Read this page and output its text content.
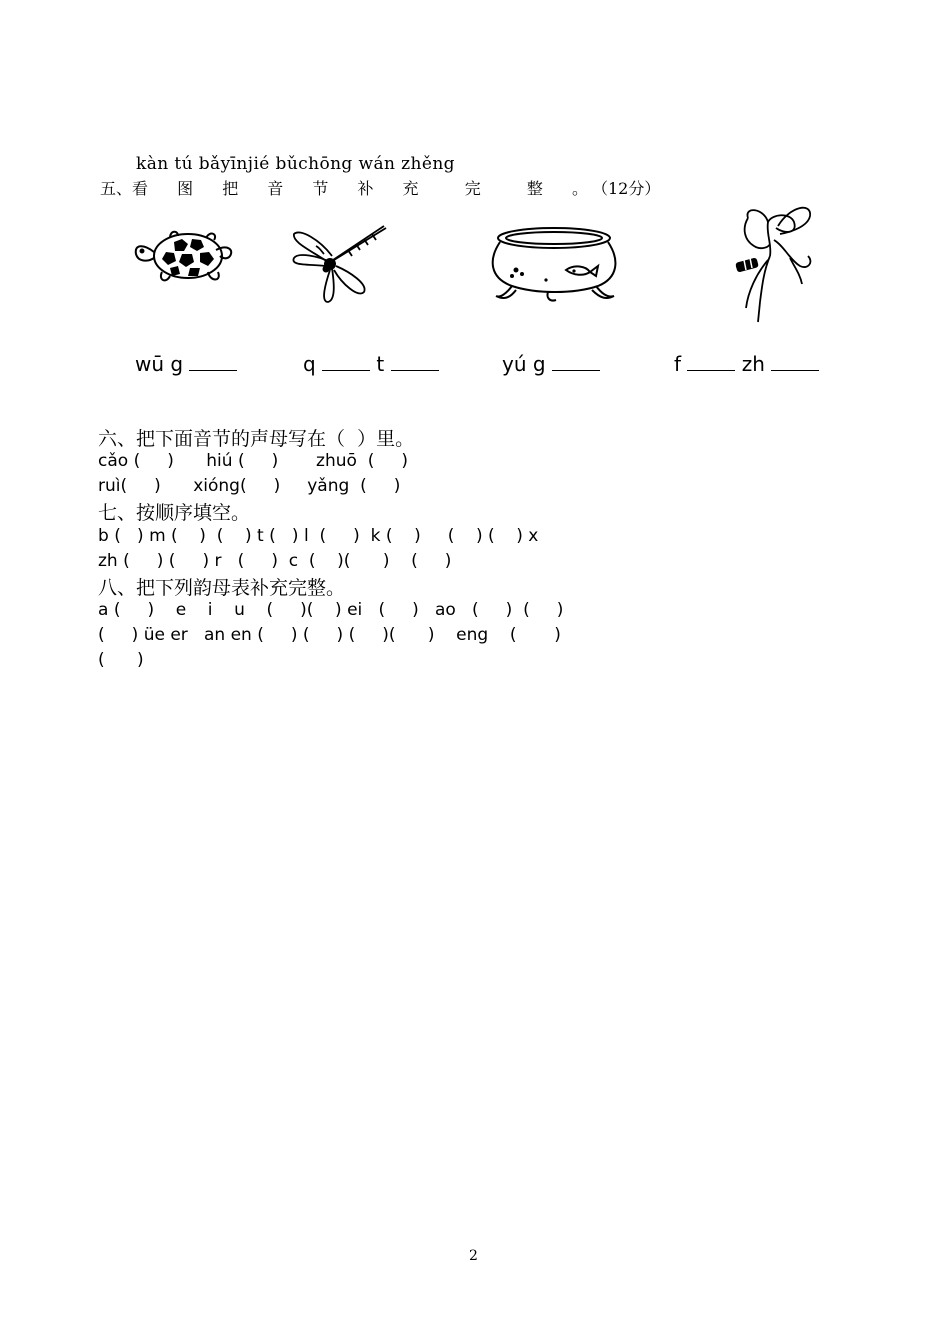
kàn tú bǎyīnjié bǔchōng wán zhěng
五、看 图 把 音 节 补 充  完  整 。（12分）
wū g	q	t	yú g	f	zh
六、把下面音节的声母写在（  ）里。
cǎo (     )      hiú (     )       zhuō  (     )
ruì(     )      xióng(     )     yǎng  (     )
七、按顺序填空。
b (   ) m (    )  (    ) t (   ) l  (     )  k (    )     (    ) (    ) x
zh (     ) (     ) r   (     )  c  (    )(      )    (     )
八、把下列韵母表补充完整。
a (     )    e    i    u    (     )(    ) ei   (     )   ao   (     )  (     )
(     ) üe er   an en (     ) (     ) (     )(      )    eng    (       )
(      )
2
